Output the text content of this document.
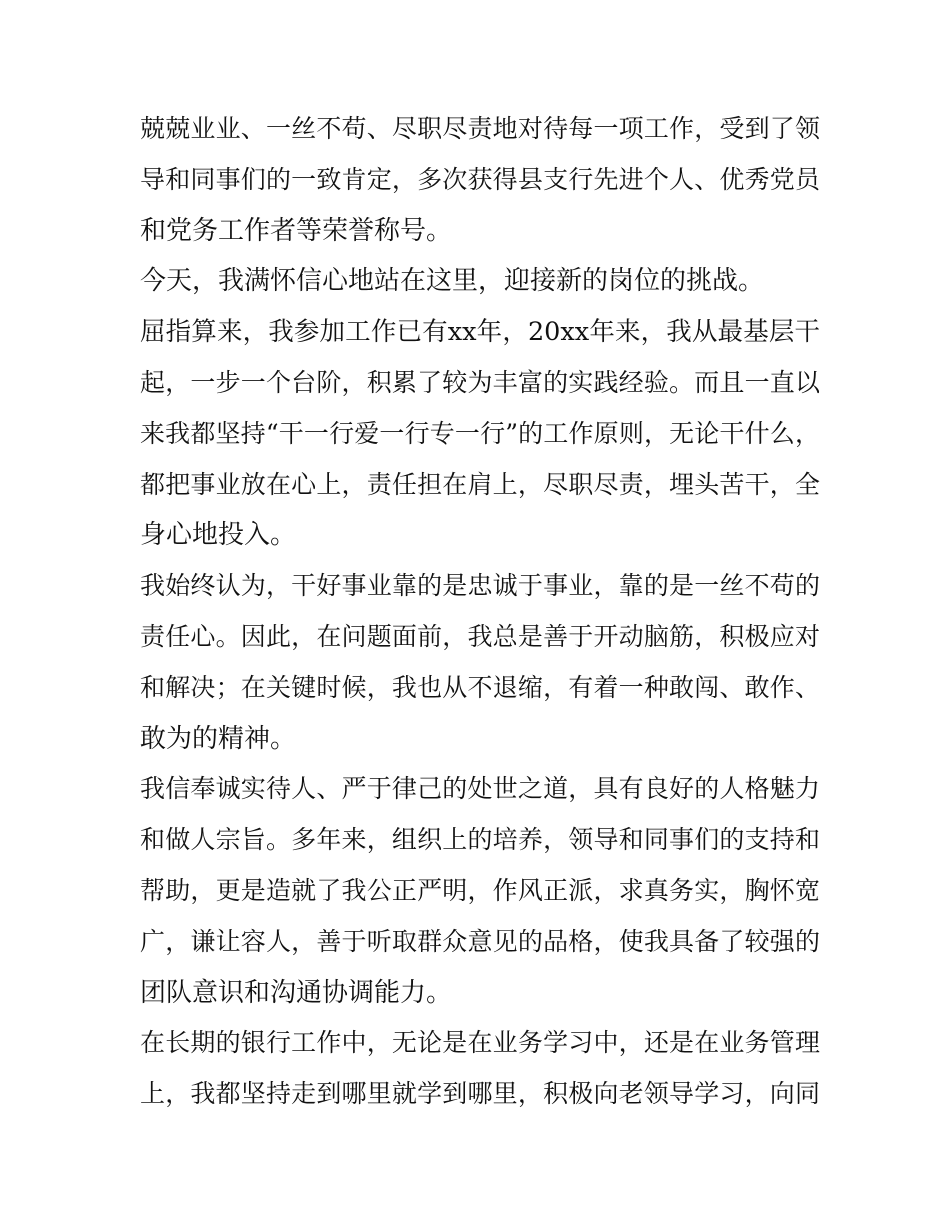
兢兢业业、一丝不苟、尽职尽责地对待每一项工作，受到了领
导和同事们的一致肯定，多次获得县支行先进个人、优秀党员
和党务工作者等荣誉称号。
今天，我满怀信心地站在这里，迎接新的岗位的挑战。
屈指算来，我参加工作已有xx年，20xx年来，我从最基层干
起，一步一个台阶，积累了较为丰富的实践经验。而且一直以
来我都坚持“干一行爱一行专一行”的工作原则，无论干什么，
都把事业放在心上，责任担在肩上，尽职尽责，埋头苦干，全
身心地投入。
我始终认为，干好事业靠的是忠诚于事业，靠的是一丝不苟的
责任心。因此，在问题面前，我总是善于开动脑筋，积极应对
和解决；在关键时候，我也从不退缩，有着一种敢闯、敢作、
敢为的精神。
我信奉诚实待人、严于律己的处世之道，具有良好的人格魅力
和做人宗旨。多年来，组织上的培养，领导和同事们的支持和
帮助，更是造就了我公正严明，作风正派，求真务实，胸怀宽
广，谦让容人，善于听取群众意见的品格，使我具备了较强的
团队意识和沟通协调能力。
在长期的银行工作中，无论是在业务学习中，还是在业务管理
上，我都坚持走到哪里就学到哪里，积极向老领导学习，向同
